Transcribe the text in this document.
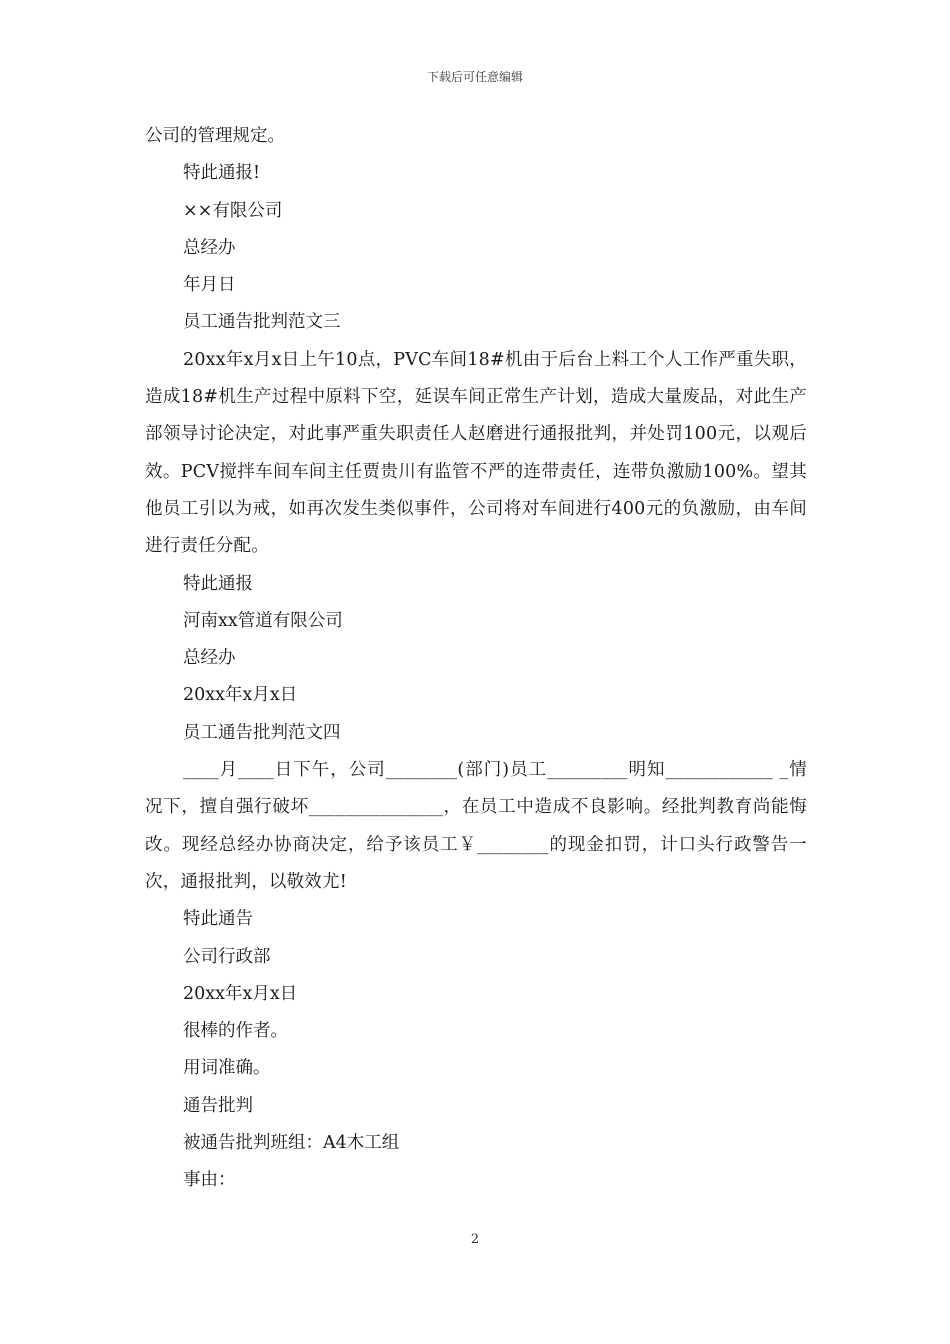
下载后可任意编辑

公司的管理规定。

特此通报!

××有限公司

总经办

年月日

员工通告批判范文三

20xx年x月x日上午10点，PVC车间18#机由于后台上料工个人工作严重失职，造成18#机生产过程中原料下空，延误车间正常生产计划，造成大量废品，对此生产部领导讨论决定，对此事严重失职责任人赵磨进行通报批判，并处罚100元，以观后效。PCV搅拌车间车间主任贾贵川有监管不严的连带责任，连带负激励100%。望其他员工引以为戒，如再次发生类似事件，公司将对车间进行400元的负激励，由车间进行责任分配。

特此通报

河南xx管道有限公司

总经办

20xx年x月x日

员工通告批判范文四

____月____日下午，公司________(部门)员工_________明知____________ _情况下，擅自强行破坏_______________，在员工中造成不良影响。经批判教育尚能悔改。现经总经办协商决定，给予该员工￥________的现金扣罚，计口头行政警告一次，通报批判，以敬效尤!

特此通告

公司行政部

20xx年x月x日

很棒的作者。

用词准确。

通告批判

被通告批判班组：A4木工组

事由：

2
